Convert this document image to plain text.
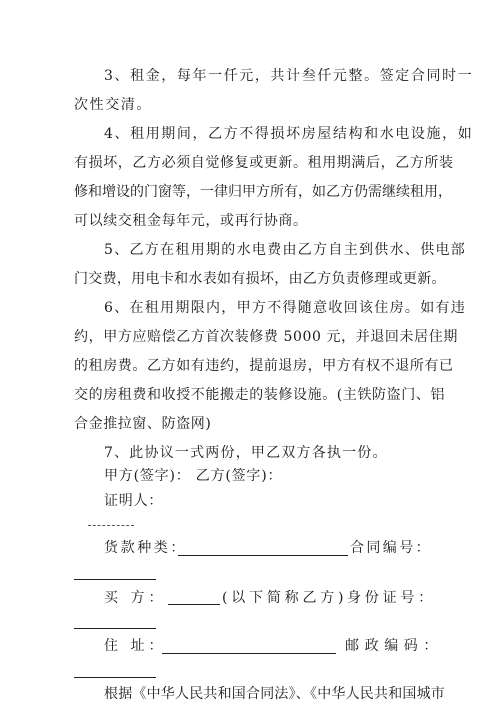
3、租金，每年一仟元，共计叁仟元整。签定合同时一
次性交清。
4、租用期间，乙方不得损坏房屋结构和水电设施，如
有损坏，乙方必须自觉修复或更新。租用期满后，乙方所装
修和增设的门窗等，一律归甲方所有，如乙方仍需继续租用，
可以续交租金每年元，或再行协商。
5、乙方在租用期的水电费由乙方自主到供水、供电部
门交费，用电卡和水表如有损坏，由乙方负责修理或更新。
6、在租用期限内，甲方不得随意收回该住房。如有违
约，甲方应赔偿乙方首次装修费 5000 元，并退回未居住期
的租房费。乙方如有违约，提前退房，甲方有权不退所有已
交的房租费和收授不能搬走的装修设施。(主铁防盗门、铝
合金推拉窗、防盗网)
7、此协议一式两份，甲乙双方各执一份。
甲方(签字)： 乙方(签字)：
证明人：
货款种类：	合同编号：
买 方：	(以下简称乙方) 身份证号：
住 址：	邮政编码：
根据《中华人民共和国合同法》、《中华人民共和国城市
